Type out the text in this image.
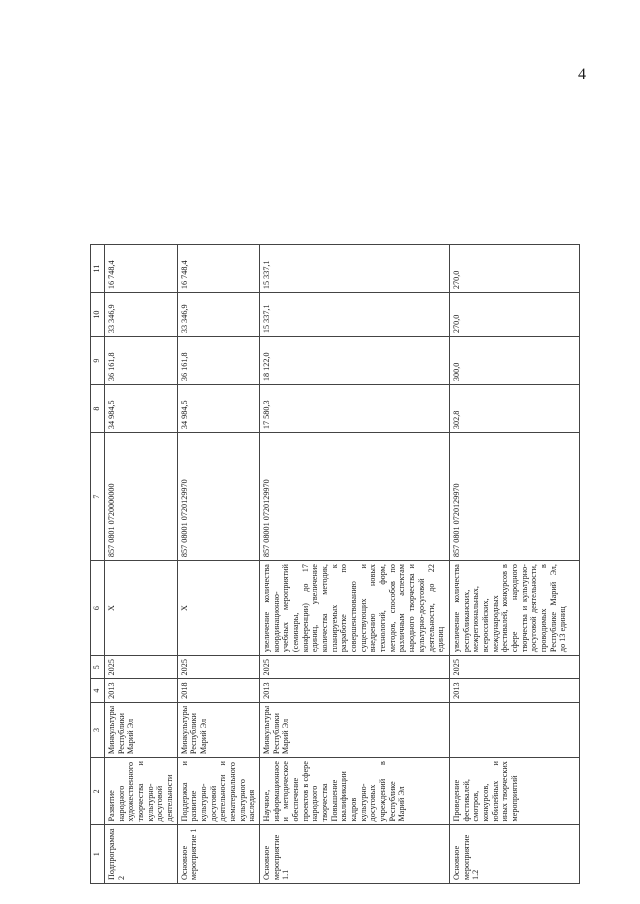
4
1	2	3	4	5	6	7	8	9	10	11
Подпрограмма 2	Развитие народного художественного творчества и культурно-досуговой деятельности	Минкультуры Республики Марий Эл	2013	2025	X	857 0801 0720000000	34 984,5	36 161,8	33 346,9	16 748,4
Основное мероприятие 1	Поддержка и развитие культурно-досуговой деятельности и нематериального культурного наследия	Минкультуры Республики Марий Эл	2018	2025	X	857 08001 0720129970	34 984,5	36 161,8	33 346,9	16 748,4
Основное мероприятие 1.1	Научное, информационное и методическое обеспечение проектов в сфере народного творчества Повышение квалификации кадров культурно-досуговых учреждений в Республике Марий Эл	Минкультуры Республики Марий Эл	2013	2025	увеличение количества координационно-учебных мероприятий (семинары, конференции) до 17 единиц, увеличение количества методик, планируемых к разработке по совершенствованию существующих и внедрению новых технологий, форм, методов, способов по различным аспектам народного творчества и культурно-досуговой деятельности, до 22 единиц	857 08001 0720129970	17 580,3	18 122,0	15 337,1	15 337,1
Основное мероприятие 1.2	Проведение фестивалей, смотров, конкурсов, юбилейных и иных творческих мероприятий		2013	2025	увеличение количества республиканских, межрегиональных, всероссийских, международных фестивалей, конкурсов в сфере народного творчества и культурно-досуговой деятельности, проводимых в Республике Марий Эл, до 13 единиц	857 0801 0720129970	302,8	300,0	270,0	270,0
